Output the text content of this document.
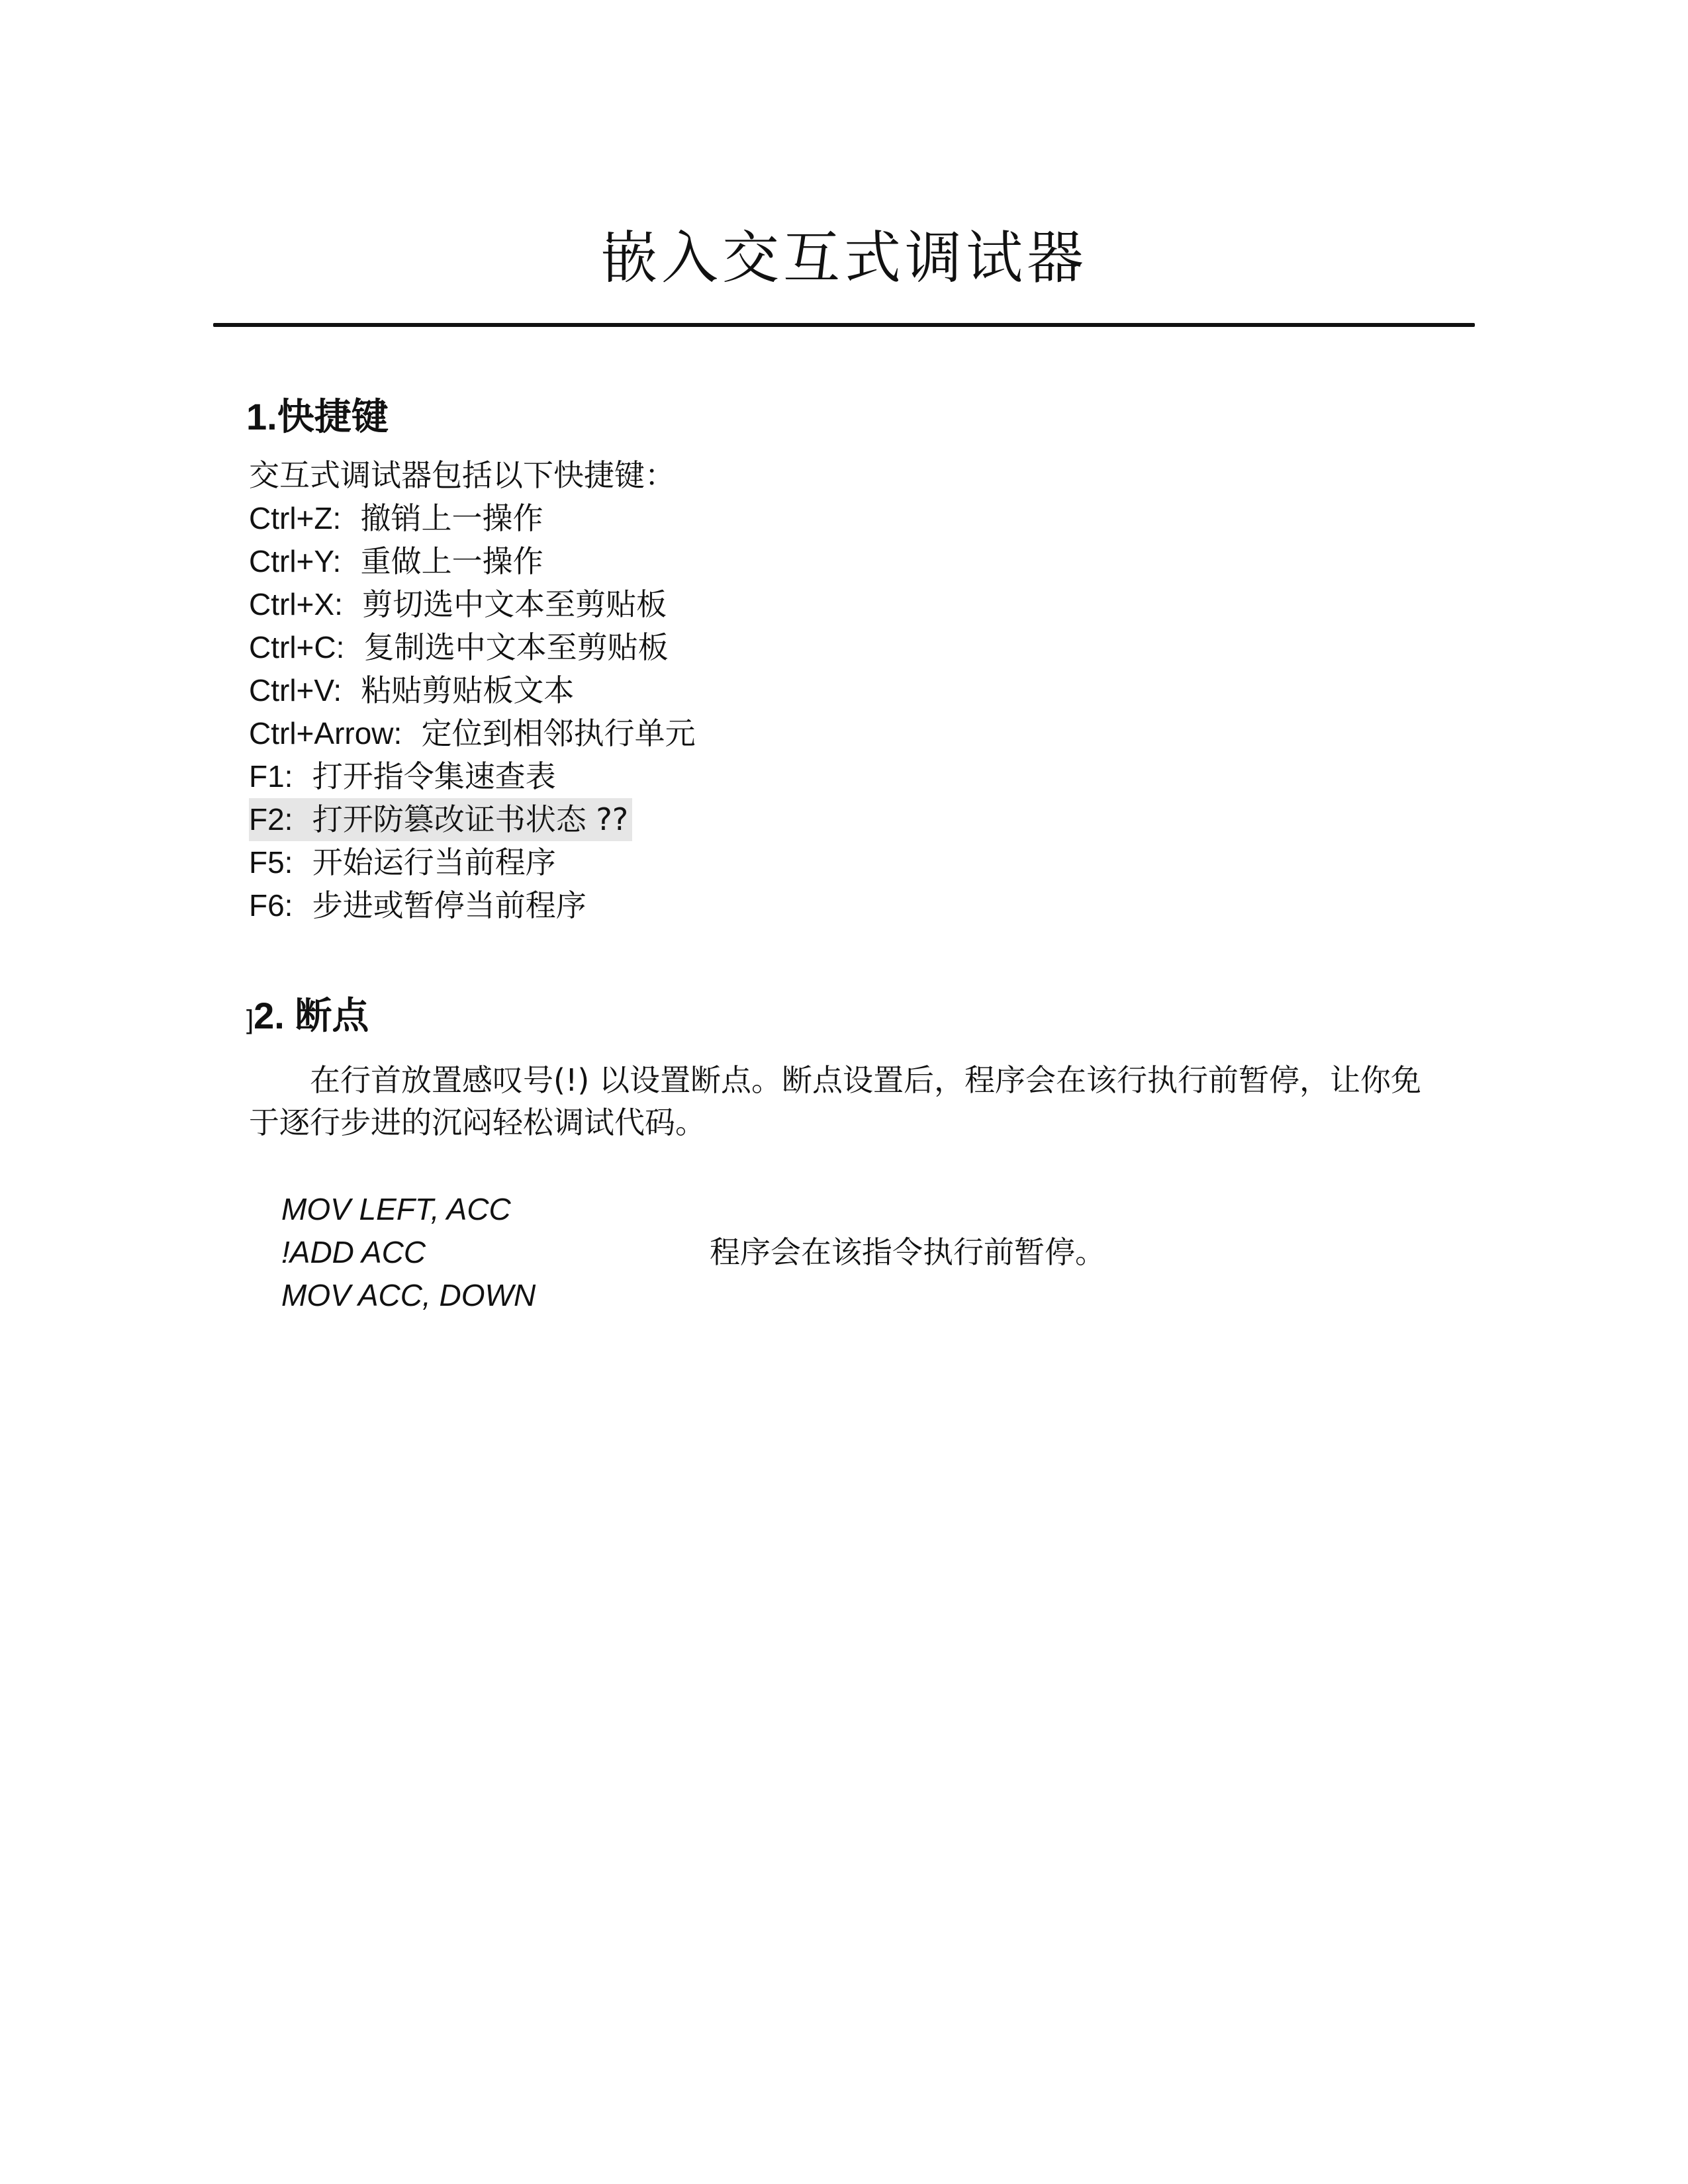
嵌入交互式调试器
1.快捷键
交互式调试器包括以下快捷键：
Ctrl+Z: 撤销上一操作
Ctrl+Y: 重做上一操作
Ctrl+X: 剪切选中文本至剪贴板
Ctrl+C: 复制选中文本至剪贴板
Ctrl+V: 粘贴剪贴板文本
Ctrl+Arrow: 定位到相邻执行单元
F1: 打开指令集速查表
F2: 打开防篡改证书状态 ??
F5: 开始运行当前程序
F6: 步进或暂停当前程序
]2. 断点

在行首放置感叹号(!) 以设置断点。断点设置后，程序会在该行执行前暂停，让你免于逐行步进的沉闷轻松调试代码。

MOV LEFT, ACC
!ADD ACC
MOV ACC, DOWN
程序会在该指令执行前暂停。
